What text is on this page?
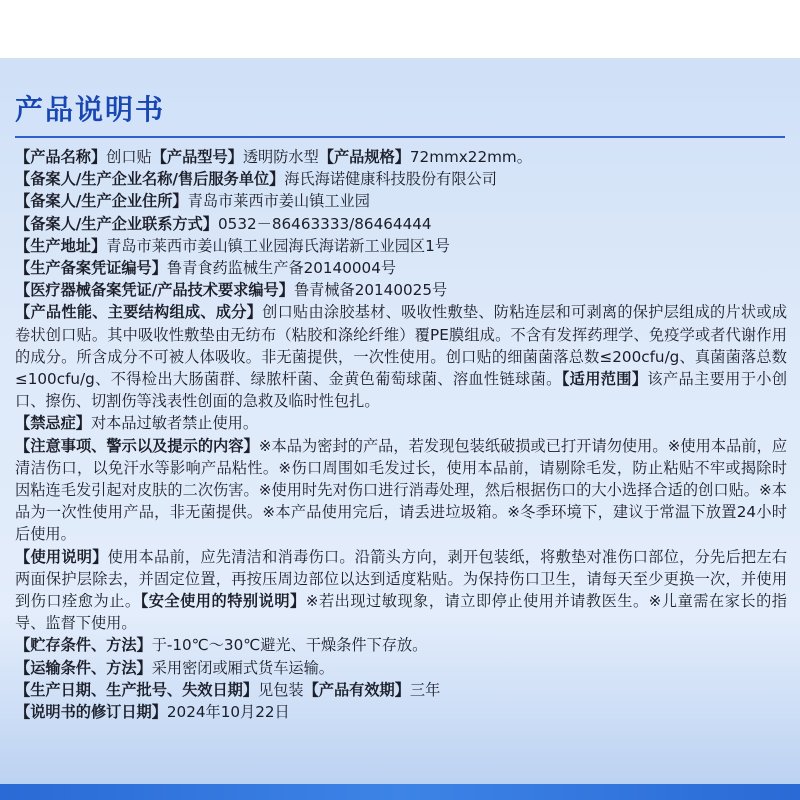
产品说明书

【产品名称】创口贴【产品型号】透明防水型【产品规格】72mmx22mm。

【备案人/生产企业名称/售后服务单位】海氏海诺健康科技股份有限公司

【备案人/生产企业住所】青岛市莱西市姜山镇工业园

【备案人/生产企业联系方式】0532－86463333/86464444

【生产地址】青岛市莱西市姜山镇工业园海氏海诺新工业园区1号

【生产备案凭证编号】鲁青食药监械生产备20140004号

【医疗器械备案凭证/产品技术要求编号】鲁青械备20140025号

【产品性能、主要结构组成、成分】创口贴由涂胶基材、吸收性敷垫、防粘连层和可剥离的保护层组成的片状或成卷状创口贴。其中吸收性敷垫由无纺布（粘胶和涤纶纤维）覆PE膜组成。不含有发挥药理学、免疫学或者代谢作用的成分。所含成分不可被人体吸收。非无菌提供，一次性使用。创口贴的细菌菌落总数≤200cfu/g、真菌菌落总数≤100cfu/g、不得检出大肠菌群、绿脓杆菌、金黄色葡萄球菌、溶血性链球菌。【适用范围】该产品主要用于小创口、擦伤、切割伤等浅表性创面的急救及临时性包扎。

【禁忌症】对本品过敏者禁止使用。

【注意事项、警示以及提示的内容】※本品为密封的产品，若发现包装纸破损或已打开请勿使用。※使用本品前，应清洁伤口，以免汗水等影响产品粘性。※伤口周围如毛发过长，使用本品前，请剔除毛发，防止粘贴不牢或揭除时因粘连毛发引起对皮肤的二次伤害。※使用时先对伤口进行消毒处理，然后根据伤口的大小选择合适的创口贴。※本品为一次性使用产品，非无菌提供。※本产品使用完后，请丢进垃圾箱。※冬季环境下，建议于常温下放置24小时后使用。

【使用说明】使用本品前，应先清洁和消毒伤口。沿箭头方向，剥开包装纸，将敷垫对准伤口部位，分先后把左右两面保护层除去，并固定位置，再按压周边部位以达到适度粘贴。为保持伤口卫生，请每天至少更换一次，并使用到伤口痊愈为止。【安全使用的特别说明】※若出现过敏现象，请立即停止使用并请教医生。※儿童需在家长的指导、监督下使用。

【贮存条件、方法】于-10℃～30℃避光、干燥条件下存放。

【运输条件、方法】采用密闭或厢式货车运输。

【生产日期、生产批号、失效日期】见包装【产品有效期】三年

【说明书的修订日期】2024年10月22日
